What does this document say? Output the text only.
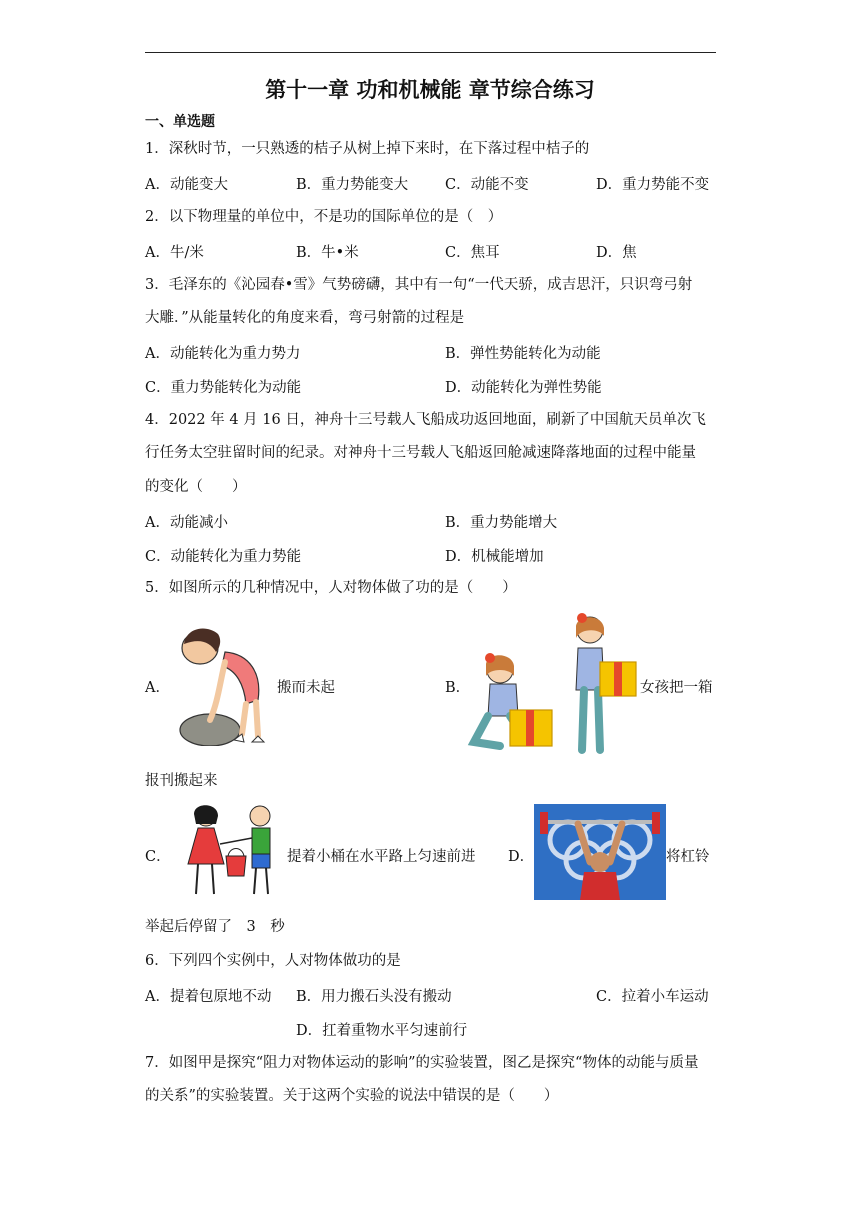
第十一章 功和机械能 章节综合练习
一、单选题
1．深秋时节，一只熟透的桔子从树上掉下来时，在下落过程中桔子的
A．动能变大	B．重力势能变大	C．动能不变	D．重力势能不变
2．以下物理量的单位中，不是功的国际单位的是（　）
A．牛/米	B．牛•米	C．焦耳	D．焦
3．毛泽东的《沁园春•雪》气势磅礴，其中有一句“一代天骄，成吉思汗，只识弯弓射
大雕．”从能量转化的角度来看，弯弓射箭的过程是
A．动能转化为重力势力	B．弹性势能转化为动能
C．重力势能转化为动能	D．动能转化为弹性势能
4．2022 年 4 月 16 日，神舟十三号载人飞船成功返回地面，刷新了中国航天员单次飞
行任务太空驻留时间的纪录。对神舟十三号载人飞船返回舱减速降落地面的过程中能量
的变化（　　）
A．动能减小	B．重力势能增大
C．动能转化为重力势能	D．机械能增加
5．如图所示的几种情况中，人对物体做了功的是（　　）
A．	搬而未起	B．	女孩把一箱
报刊搬起来
C．	提着小桶在水平路上匀速前进 D．	将杠铃
举起后停留了　3　秒
6．下列四个实例中，人对物体做功的是
A．提着包原地不动 B．用力搬石头没有搬动	C．拉着小车运动
D．扛着重物水平匀速前行
7．如图甲是探究“阻力对物体运动的影响”的实验装置，图乙是探究“物体的动能与质量
的关系”的实验装置。关于这两个实验的说法中错误的是（　　）
